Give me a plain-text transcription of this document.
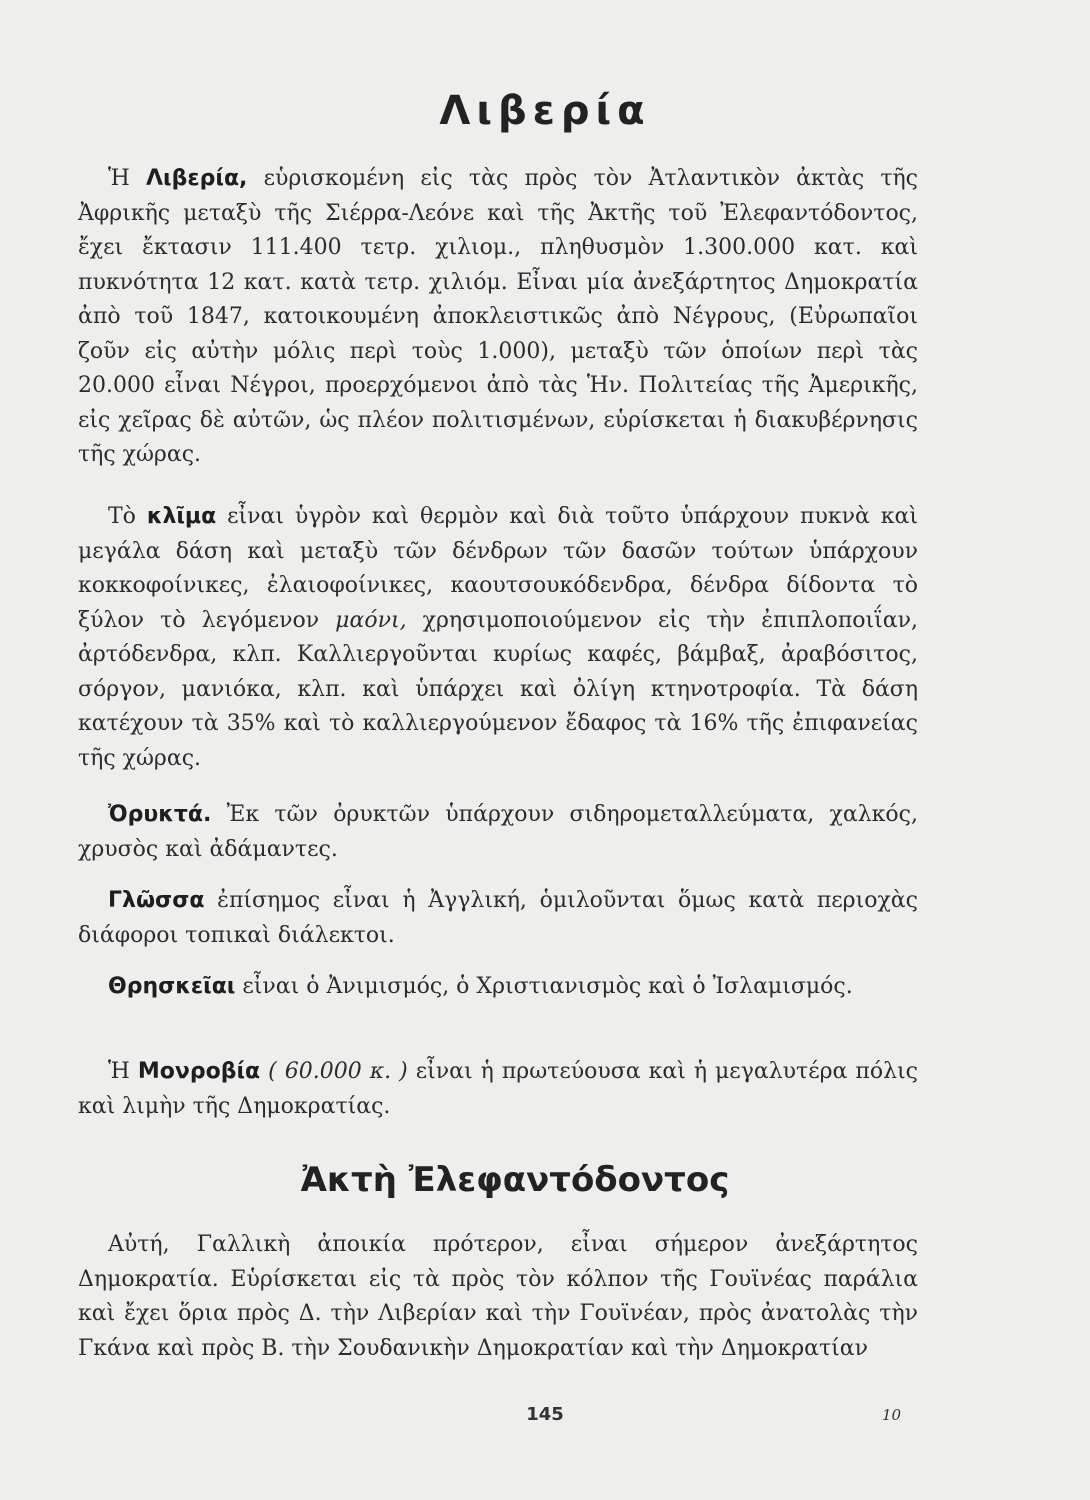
Λιβερία
Ἡ Λιβερία, εὑρισκομένη εἰς τὰς πρὸς τὸν Ἀτλαντικὸν ἀκτὰς τῆς Ἀφρικῆς μεταξὺ τῆς Σιέρρα-Λεόνε καὶ τῆς Ἀκτῆς τοῦ Ἐλεφαντόδοντος, ἔχει ἔκτασιν 111.400 τετρ. χιλιομ., πληθυσμὸν 1.300.000 κατ. καὶ πυκνότητα 12 κατ. κατὰ τετρ. χιλιόμ. Εἶναι μία ἀνεξάρτητος Δημοκρατία ἀπὸ τοῦ 1847, κατοικουμένη ἀποκλειστικῶς ἀπὸ Νέγρους, (Εὐρωπαῖοι ζοῦν εἰς αὐτὴν μόλις περὶ τοὺς 1.000), μεταξὺ τῶν ὁποίων περὶ τὰς 20.000 εἶναι Νέγροι, προερχόμενοι ἀπὸ τὰς Ἡν. Πολιτείας τῆς Ἀμερικῆς, εἰς χεῖρας δὲ αὐτῶν, ὡς πλέον πολιτισμένων, εὑρίσκεται ἡ διακυβέρνησις τῆς χώρας.
Τὸ κλῖμα εἶναι ὑγρὸν καὶ θερμὸν καὶ διὰ τοῦτο ὑπάρχουν πυκνὰ καὶ μεγάλα δάση καὶ μεταξὺ τῶν δένδρων τῶν δασῶν τούτων ὑπάρχουν κοκκοφοίνικες, ἐλαιοφοίνικες, καουτσουκόδενδρα, δένδρα δίδοντα τὸ ξύλον τὸ λεγόμενον μαόνι, χρησιμοποιούμενον εἰς τὴν ἐπιπλοποιΐαν, ἀρτόδενδρα, κλπ. Καλλιεργοῦνται κυρίως καφές, βάμβαξ, ἀραβόσιτος, σόργον, μανιόκα, κλπ. καὶ ὑπάρχει καὶ ὀλίγη κτηνοτροφία. Τὰ δάση κατέχουν τὰ 35% καὶ τὸ καλλιεργούμενον ἔδαφος τὰ 16% τῆς ἐπιφανείας τῆς χώρας.
Ὀρυκτά. Ἐκ τῶν ὀρυκτῶν ὑπάρχουν σιδηρομεταλλεύματα, χαλκός, χρυσὸς καὶ ἀδάμαντες.
Γλῶσσα ἐπίσημος εἶναι ἡ Ἀγγλική, ὁμιλοῦνται ὅμως κατὰ περιοχὰς διάφοροι τοπικαὶ διάλεκτοι.
Θρησκεῖαι εἶναι ὁ Ἀνιμισμός, ὁ Χριστιανισμὸς καὶ ὁ Ἰσλαμισμός.
Ἡ Μονροβία ( 60.000 κ. ) εἶναι ἡ πρωτεύουσα καὶ ἡ μεγαλυτέρα πόλις καὶ λιμὴν τῆς Δημοκρατίας.
Ἀκτὴ Ἐλεφαντόδοντος
Αὐτή, Γαλλικὴ ἀποικία πρότερον, εἶναι σήμερον ἀνεξάρτητος Δημοκρατία. Εὑρίσκεται εἰς τὰ πρὸς τὸν κόλπον τῆς Γουϊνέας παράλια καὶ ἔχει ὅρια πρὸς Δ. τὴν Λιβερίαν καὶ τὴν Γουϊνέαν, πρὸς ἀνατολὰς τὴν Γκάνα καὶ πρὸς Β. τὴν Σουδανικὴν Δημοκρατίαν καὶ τὴν Δημοκρατίαν
145	10
